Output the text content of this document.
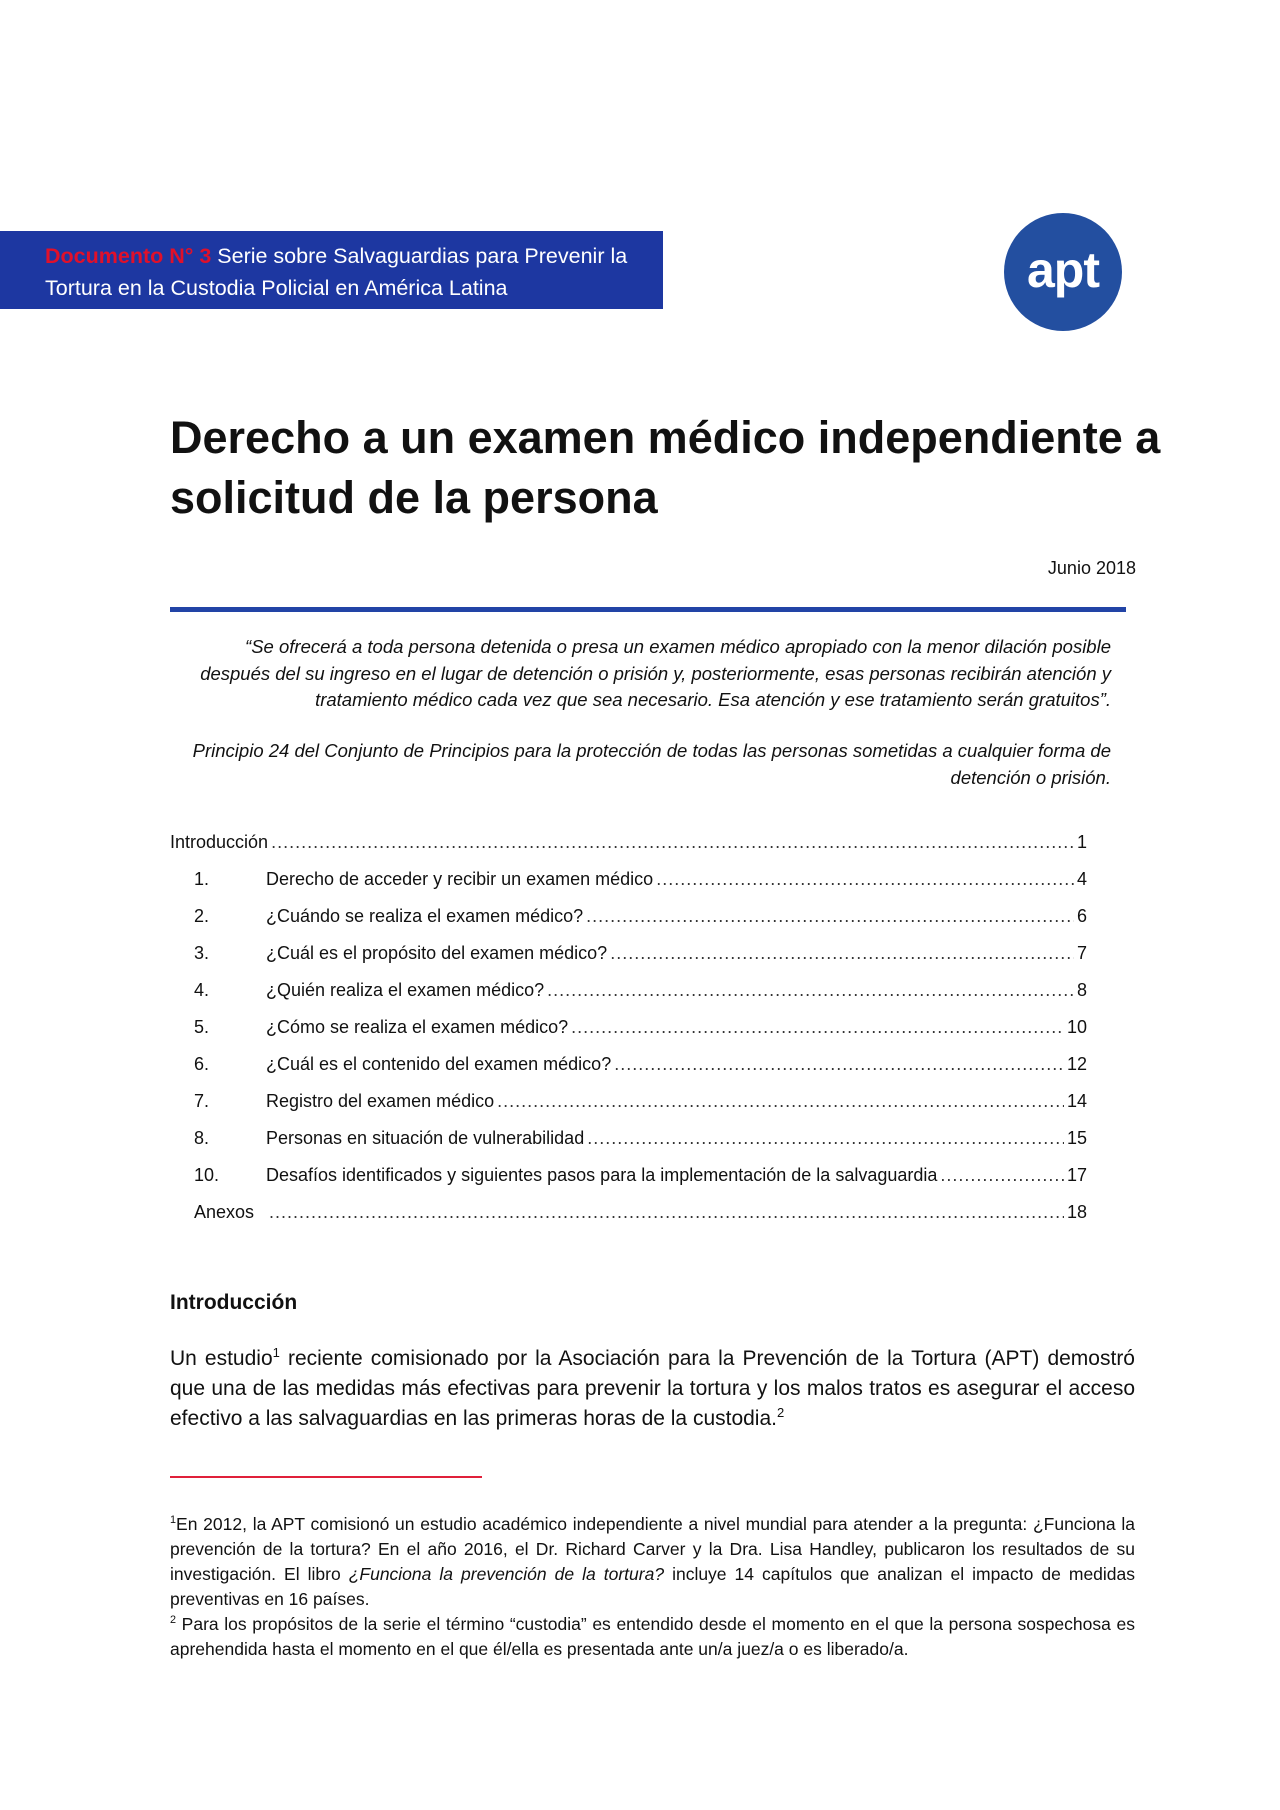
Documento N° 3 Serie sobre Salvaguardias para Prevenir la
Tortura en la Custodia Policial en América Latina	apt
Derecho a un examen médico independiente a solicitud de la persona
Junio 2018

“Se ofrecerá a toda persona detenida o presa un examen médico apropiado con la menor dilación posible después del su ingreso en el lugar de detención o prisión y, posteriormente, esas personas recibirán atención y tratamiento médico cada vez que sea necesario. Esa atención y ese tratamiento serán gratuitos”.

Principio 24 del Conjunto de Principios para la protección de todas las personas sometidas a cualquier forma de detención o prisión.

Introducción .....	1
1.	Derecho de acceder y recibir un examen médico .....	4
2.	¿Cuándo se realiza el examen médico? .....	6
3.	¿Cuál es el propósito del examen médico? .....	7
4.	¿Quién realiza el examen médico? .....	8
5.	¿Cómo se realiza el examen médico? .....	10
6.	¿Cuál es el contenido del examen médico? .....	12
7.	Registro del examen médico .....	14
8.	Personas en situación de vulnerabilidad .....	15
10.	Desafíos identificados y siguientes pasos para la implementación de la salvaguardia .....	17
Anexos .....	18
Introducción

Un estudio$^1$ reciente comisionado por la Asociación para la Prevención de la Tortura (APT) demostró que una de las medidas más efectivas para prevenir la tortura y los malos tratos es asegurar el acceso efectivo a las salvaguardias en las primeras horas de la custodia.$^2$

$^1$En 2012, la APT comisionó un estudio académico independiente a nivel mundial para atender a la pregunta: ¿Funciona la prevención de la tortura? En el año 2016, el Dr. Richard Carver y la Dra. Lisa Handley, publicaron los resultados de su investigación. El libro ¿Funciona la prevención de la tortura? incluye 14 capítulos que analizan el impacto de medidas preventivas en 16 países.

$^2$ Para los propósitos de la serie el término “custodia” es entendido desde el momento en el que la persona sospechosa es aprehendida hasta el momento en el que él/ella es presentada ante un/a juez/a o es liberado/a.
